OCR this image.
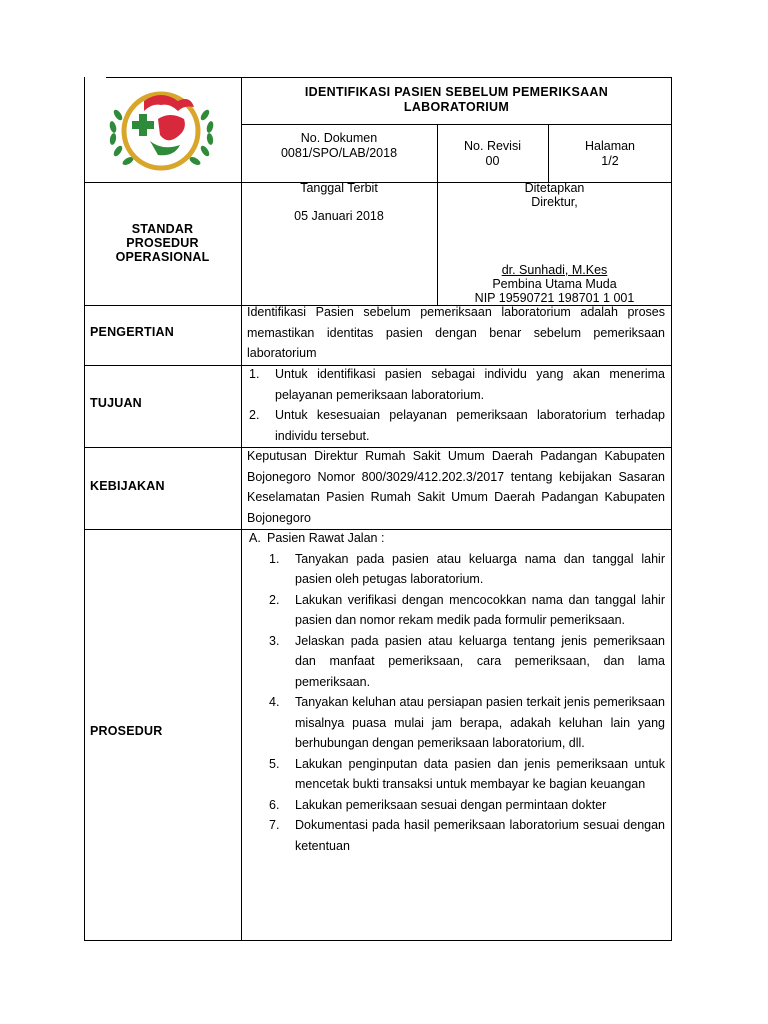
IDENTIFIKASI PASIEN SEBELUM PEMERIKSAAN
LABORATORIUM
No. Dokumen
0081/SPO/LAB/2018	No. Revisi
00
Halaman
1/2
STANDAR
PROSEDUR
OPERASIONAL
Tanggal Terbit
05 Januari 2018
Ditetapkan
Direktur,
dr. Sunhadi, M.Kes
Pembina Utama Muda
NIP 19590721 198701 1 001
PENGERTIAN
Identifikasi Pasien sebelum pemeriksaan laboratorium adalah proses memastikan identitas pasien dengan benar sebelum pemeriksaan laboratorium
TUJUAN
1. Untuk identifikasi pasien sebagai individu yang akan menerima pelayanan pemeriksaan laboratorium.
2. Untuk kesesuaian pelayanan pemeriksaan laboratorium terhadap individu tersebut.
KEBIJAKAN
Keputusan Direktur Rumah Sakit Umum Daerah Padangan Kabupaten Bojonegoro Nomor 800/3029/412.202.3/2017 tentang kebijakan Sasaran Keselamatan Pasien Rumah Sakit Umum Daerah Padangan Kabupaten Bojonegoro
PROSEDUR
A. Pasien Rawat Jalan :
1. Tanyakan pada pasien atau keluarga nama dan tanggal lahir pasien oleh petugas laboratorium.
2. Lakukan verifikasi dengan mencocokkan nama dan tanggal lahir pasien dan nomor rekam medik pada formulir pemeriksaan.
3. Jelaskan pada pasien atau keluarga tentang jenis pemeriksaan dan manfaat pemeriksaan, cara pemeriksaan, dan lama pemeriksaan.
4. Tanyakan keluhan atau persiapan pasien terkait jenis pemeriksaan misalnya puasa mulai jam berapa, adakah keluhan lain yang berhubungan dengan pemeriksaan laboratorium, dll.
5. Lakukan penginputan data pasien dan jenis pemeriksaan untuk mencetak bukti transaksi untuk membayar ke bagian keuangan
6. Lakukan pemeriksaan sesuai dengan permintaan dokter
7. Dokumentasi pada hasil pemeriksaan laboratorium sesuai dengan ketentuan
